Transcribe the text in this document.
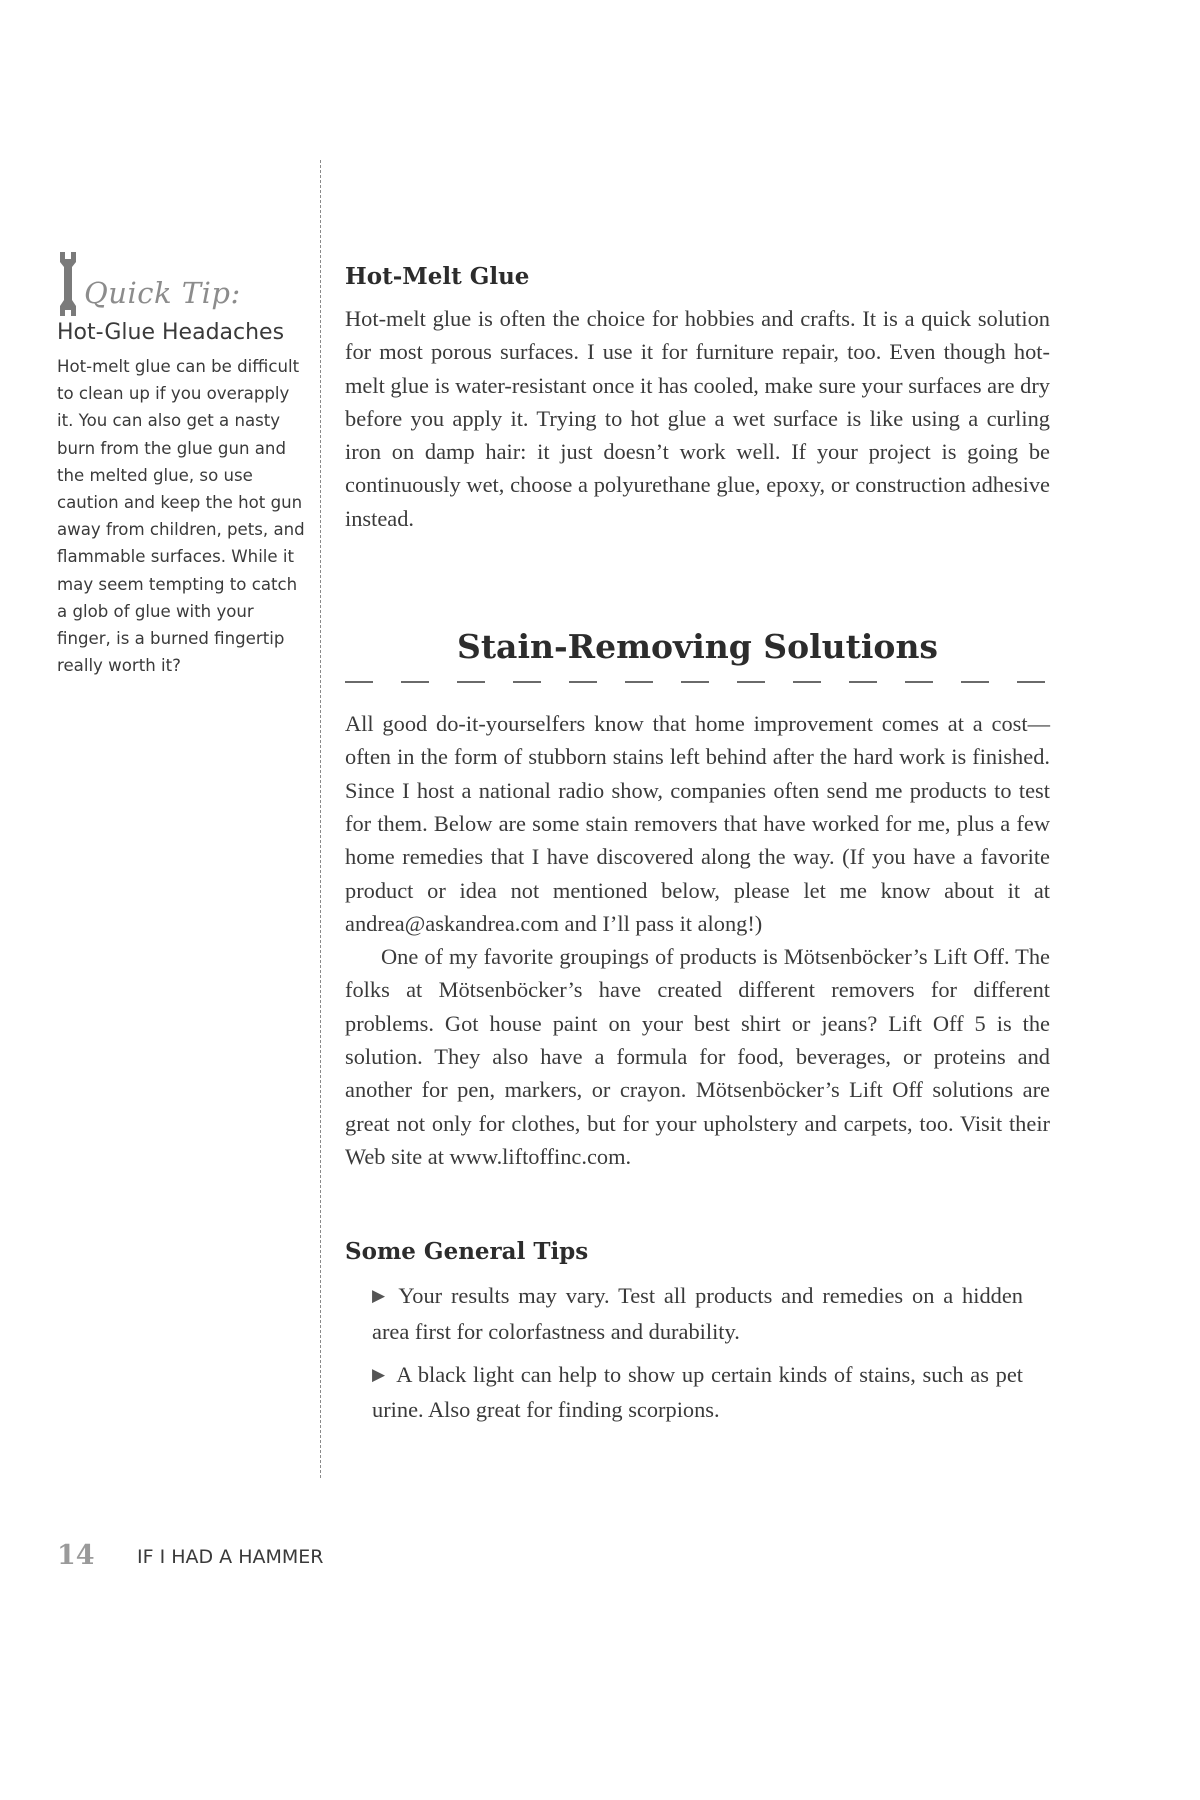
Quick Tip:
Hot-Glue Headaches

Hot-melt glue can be difficult to clean up if you overapply it. You can also get a nasty burn from the glue gun and the melted glue, so use caution and keep the hot gun away from children, pets, and flammable surfaces. While it may seem tempting to catch a glob of glue with your finger, is a burned fingertip really worth it?

Hot-Melt Glue

Hot-melt glue is often the choice for hobbies and crafts. It is a quick solution for most porous surfaces. I use it for furniture repair, too. Even though hot-melt glue is water-resistant once it has cooled, make sure your surfaces are dry before you apply it. Trying to hot glue a wet surface is like using a curling iron on damp hair: it just doesn’t work well. If your project is going be continuously wet, choose a polyurethane glue, epoxy, or construction adhesive instead.

Stain-Removing Solutions

All good do-it-yourselfers know that home improvement comes at a cost—often in the form of stubborn stains left behind after the hard work is finished. Since I host a national radio show, companies often send me products to test for them. Below are some stain removers that have worked for me, plus a few home remedies that I have discovered along the way. (If you have a favorite product or idea not mentioned below, please let me know about it at andrea@askandrea.com and I’ll pass it along!)

One of my favorite groupings of products is Mötsenböcker’s Lift Off. The folks at Mötsenböcker’s have created different removers for different problems. Got house paint on your best shirt or jeans? Lift Off 5 is the solution. They also have a formula for food, beverages, or proteins and another for pen, markers, or crayon. Mötsenböcker’s Lift Off solutions are great not only for clothes, but for your upholstery and carpets, too. Visit their Web site at www.liftoffinc.com.

Some General Tips
▶ Your results may vary. Test all products and remedies on a hidden area first for colorfastness and durability.
▶ A black light can help to show up certain kinds of stains, such as pet urine. Also great for finding scorpions.
14 IF I HAD A HAMMER
